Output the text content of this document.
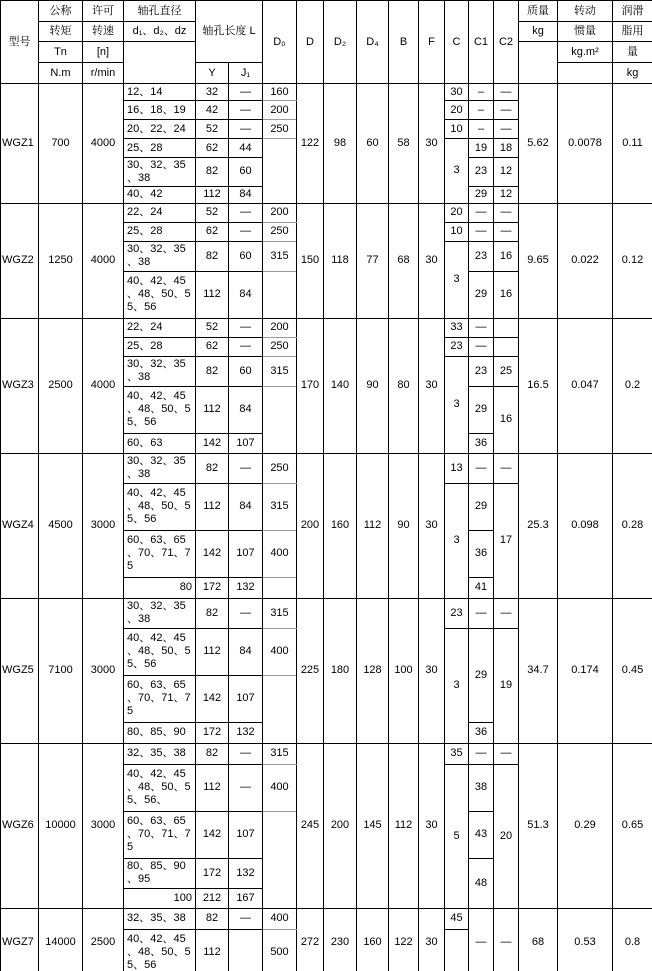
型号	公称	许可	轴孔直径	轴孔长度 L		D₀	D	D₂	D₄	B	F	C	C1	C2	质量	转动	润滑
	转矩	转速	d₁、d₂、dz												kg	惯量	脂用
	Tn	[n]														kg.m²	量
	N.m	r/min		Y	J₁												kg
WGZ1	700	4000	12、14	32	—	160	122	98	60	58	30	30	–	—	5.62	0.0078	0.11
			16、18、19	42	—	200						20	–	—			
			20、22、24	52	—	250						10	–	—			
			25、28	62	44							3	19	18			
			30、32、35、38	82	60								23	12			
			40、42	112	84								29	12			
WGZ2	1250	4000	22、24	52	—	200	150	118	77	68	30	20	—	—	9.65	0.022	0.12
			25、28	62	—	250						10	—	—			
			30、32、35、38	82	60	315						3	23	16			
			40、42、45、48、50、55、56	112	84								29	16			
WGZ3	2500	4000	22、24	52	—	200	170	140	90	80	30	33	—		16.5	0.047	0.2
			25、28	62	—	250						23	—				
			30、32、35、38	82	60	315						3	23	25			
			40、42、45、48、50、55、56	112	84								29	16			
			60、63	142	107								36				
WGZ4	4500	3000	30、32、35、38	82	—	250	200	160	112	90	30	13	—	—	25.3	0.098	0.28
			40、42、45、48、50、55、56	112	84	315						3	29	17			
			60、63、65、70、71、75	142	107	400							36				
			80	172	132								41				
WGZ5	7100	3000	30、32、35、38	82	—	315	225	180	128	100	30	23	—	—	34.7	0.174	0.45
			40、42、45、48、50、55、56	112	84	400						3	29	19			
			60、63、65、70、71、75	142	107												
			80、85、90	172	132								36				
WGZ6	10000	3000	32、35、38	82	—	315	245	200	145	112	30	35	—	—	51.3	0.29	0.65
			40、42、45、48、50、55、56、	112	—	400						5	38	20			
			60、63、65、70、71、75	142	107								43				
			80、85、90、95	172	132								48				
			100	212	167												
WGZ7	14000	2500	32、35、38	82	—	400	272	230	160	122	30	45	—	—	68	0.53	0.8
			40、42、45、48、50、55、56	112		500											
